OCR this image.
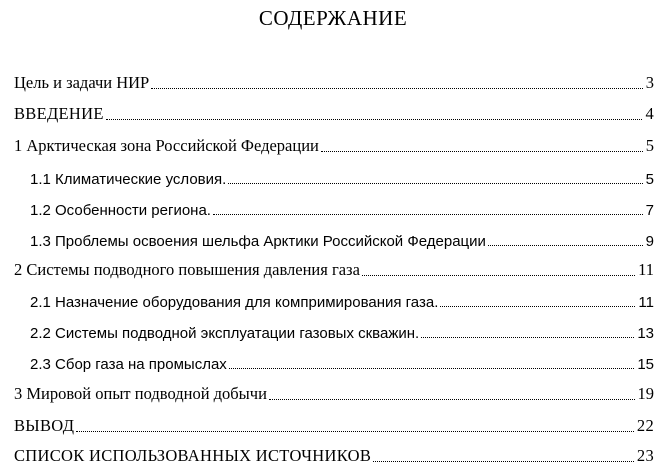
СОДЕРЖАНИЕ
Цель и задачи НИР	3
ВВЕДЕНИЕ	4
1 Арктическая зона Российской Федерации	5
1.1 Климатические условия.	5
1.2 Особенности региона.	7
1.3 Проблемы освоения шельфа Арктики Российской Федерации	9
2 Системы подводного повышения давления газа	11
2.1 Назначение оборудования для компримирования газа.	11
2.2 Системы подводной эксплуатации газовых скважин.	13
2.3 Сбор газа на промыслах	15
3 Мировой опыт подводной добычи	19
ВЫВОД	22
СПИСОК ИСПОЛЬЗОВАННЫХ ИСТОЧНИКОВ	23
